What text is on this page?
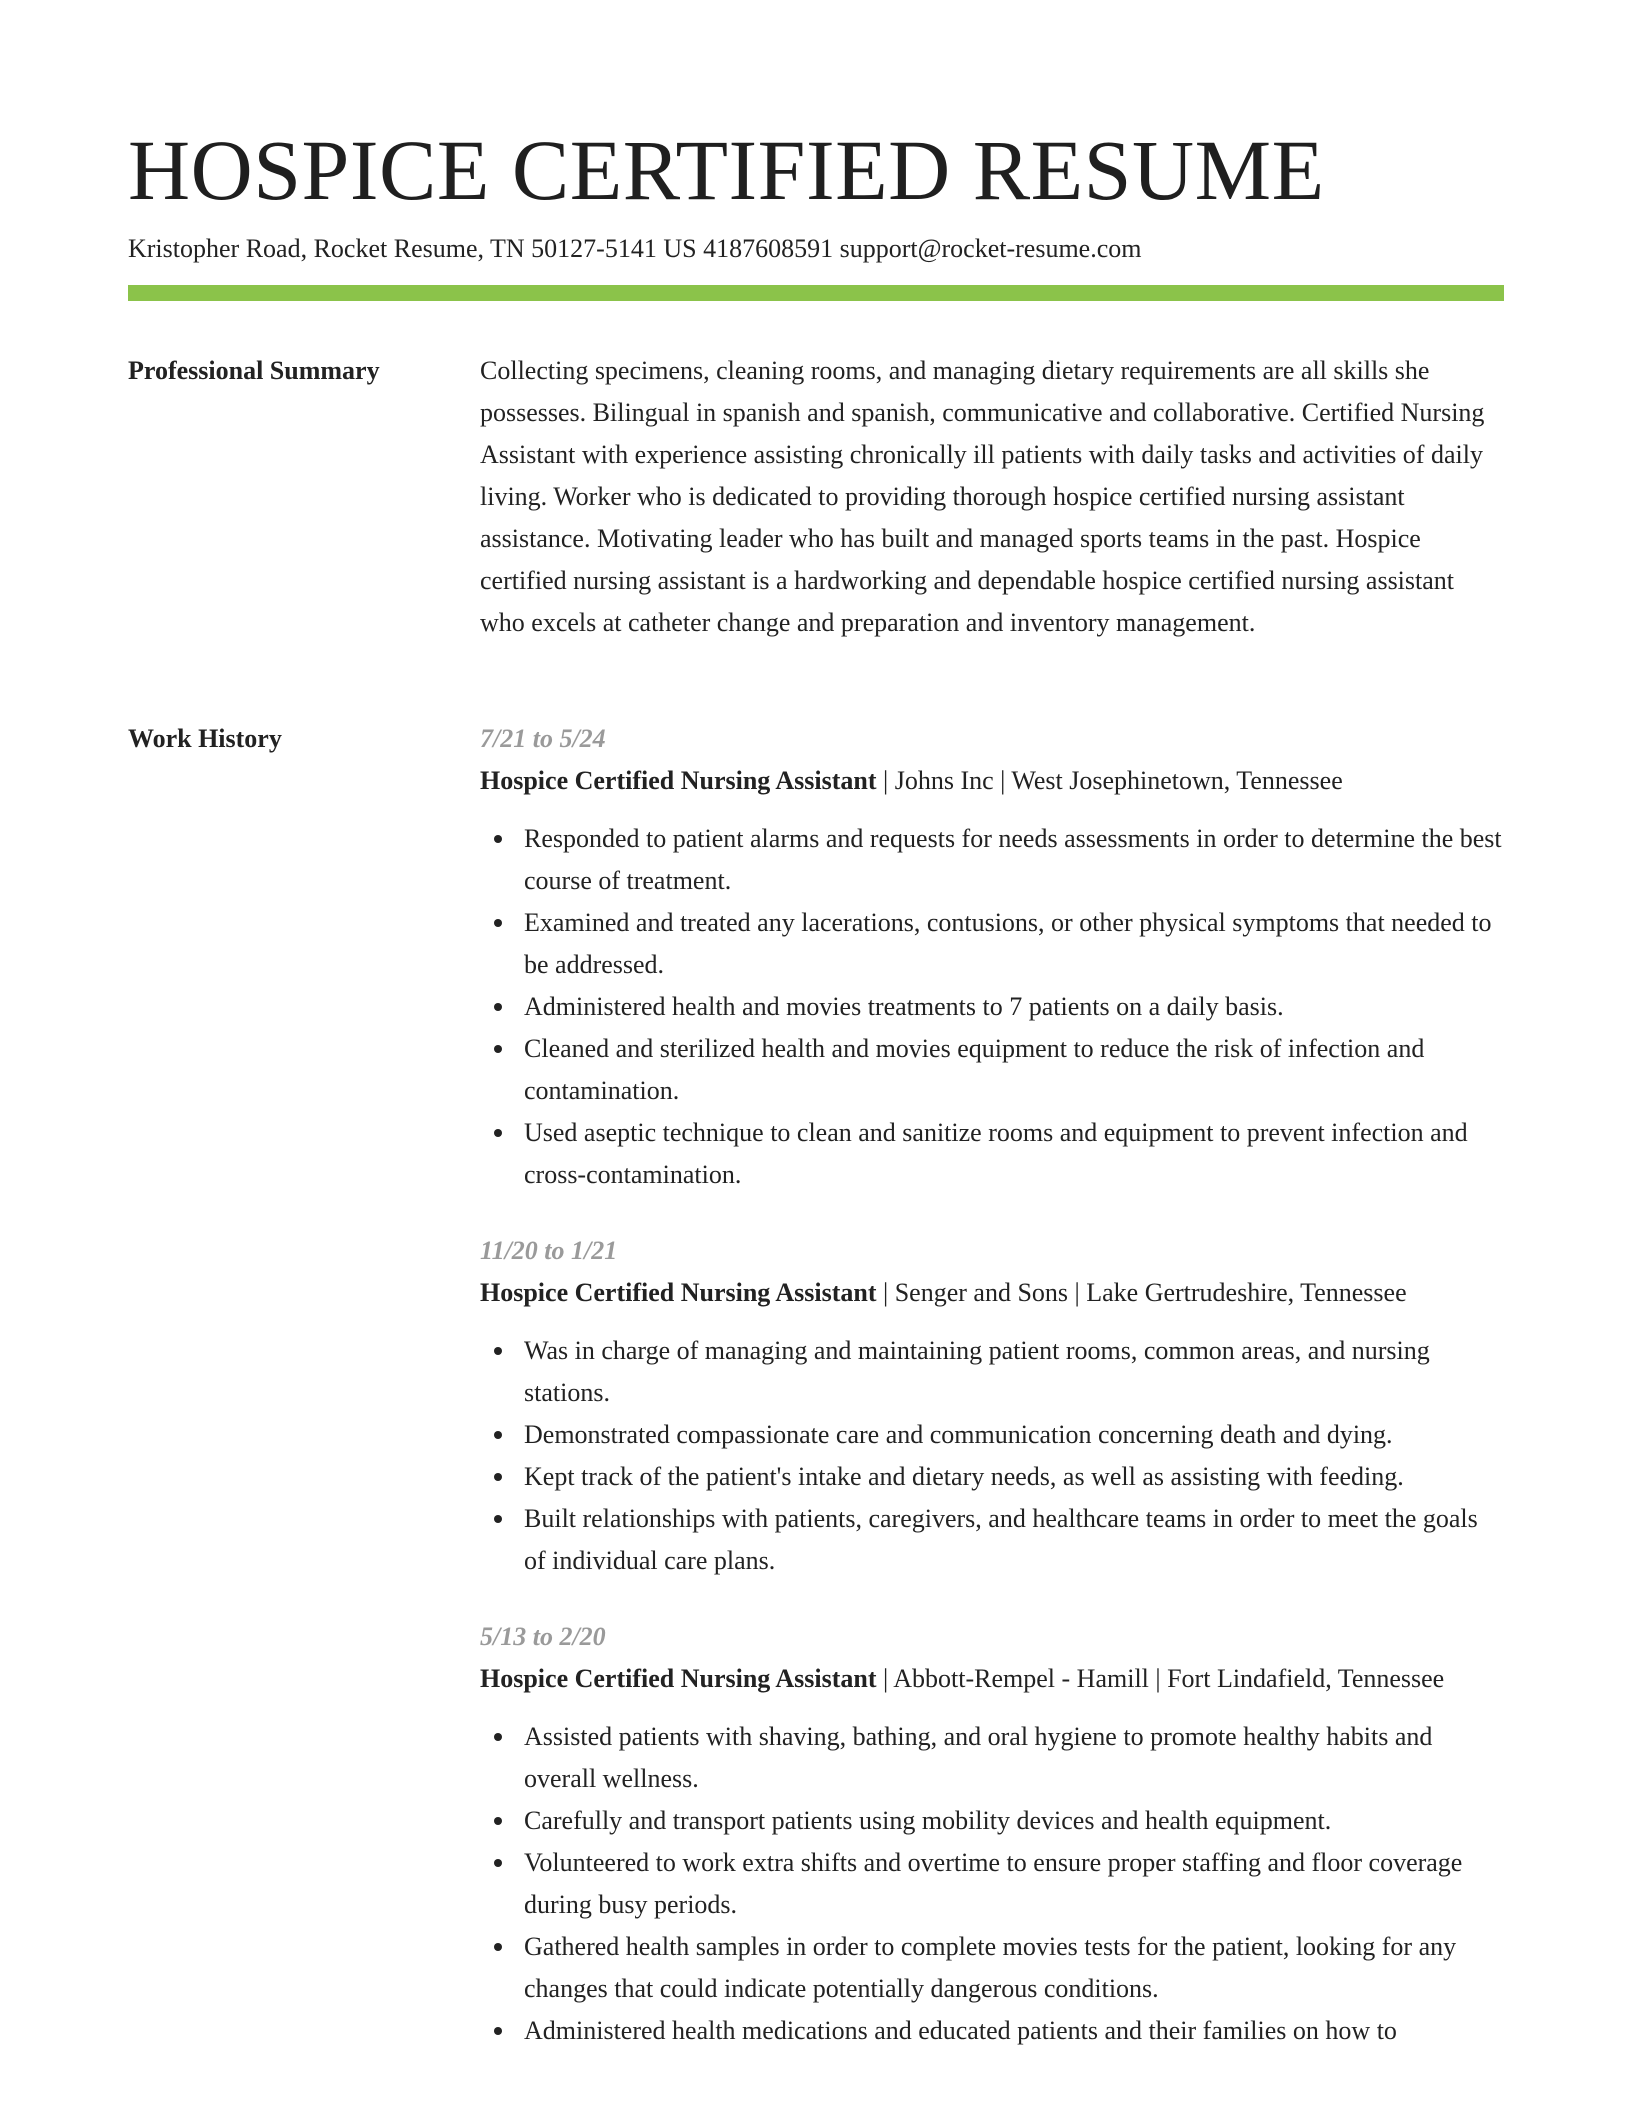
HOSPICE CERTIFIED RESUME
Kristopher Road, Rocket Resume, TN 50127-5141 US 4187608591 support@rocket-resume.com
Professional Summary	Collecting specimens, cleaning rooms, and managing dietary requirements are all skills she possesses. Bilingual in spanish and spanish, communicative and collaborative. Certified Nursing Assistant with experience assisting chronically ill patients with daily tasks and activities of daily living. Worker who is dedicated to providing thorough hospice certified nursing assistant assistance. Motivating leader who has built and managed sports teams in the past. Hospice certified nursing assistant is a hardworking and dependable hospice certified nursing assistant who excels at catheter change and preparation and inventory management.

Work History	7/21 to 5/24
Hospice Certified Nursing Assistant | Johns Inc | West Josephinetown, Tennessee
Responded to patient alarms and requests for needs assessments in order to determine the best course of treatment.
Examined and treated any lacerations, contusions, or other physical symptoms that needed to be addressed.
Administered health and movies treatments to 7 patients on a daily basis.
Cleaned and sterilized health and movies equipment to reduce the risk of infection and contamination.
Used aseptic technique to clean and sanitize rooms and equipment to prevent infection and cross-contamination.
11/20 to 1/21
Hospice Certified Nursing Assistant | Senger and Sons | Lake Gertrudeshire, Tennessee
Was in charge of managing and maintaining patient rooms, common areas, and nursing stations.
Demonstrated compassionate care and communication concerning death and dying.
Kept track of the patient's intake and dietary needs, as well as assisting with feeding.
Built relationships with patients, caregivers, and healthcare teams in order to meet the goals of individual care plans.
5/13 to 2/20
Hospice Certified Nursing Assistant | Abbott-Rempel - Hamill | Fort Lindafield, Tennessee
Assisted patients with shaving, bathing, and oral hygiene to promote healthy habits and overall wellness.
Carefully and transport patients using mobility devices and health equipment.
Volunteered to work extra shifts and overtime to ensure proper staffing and floor coverage during busy periods.
Gathered health samples in order to complete movies tests for the patient, looking for any changes that could indicate potentially dangerous conditions.
Administered health medications and educated patients and their families on how to
